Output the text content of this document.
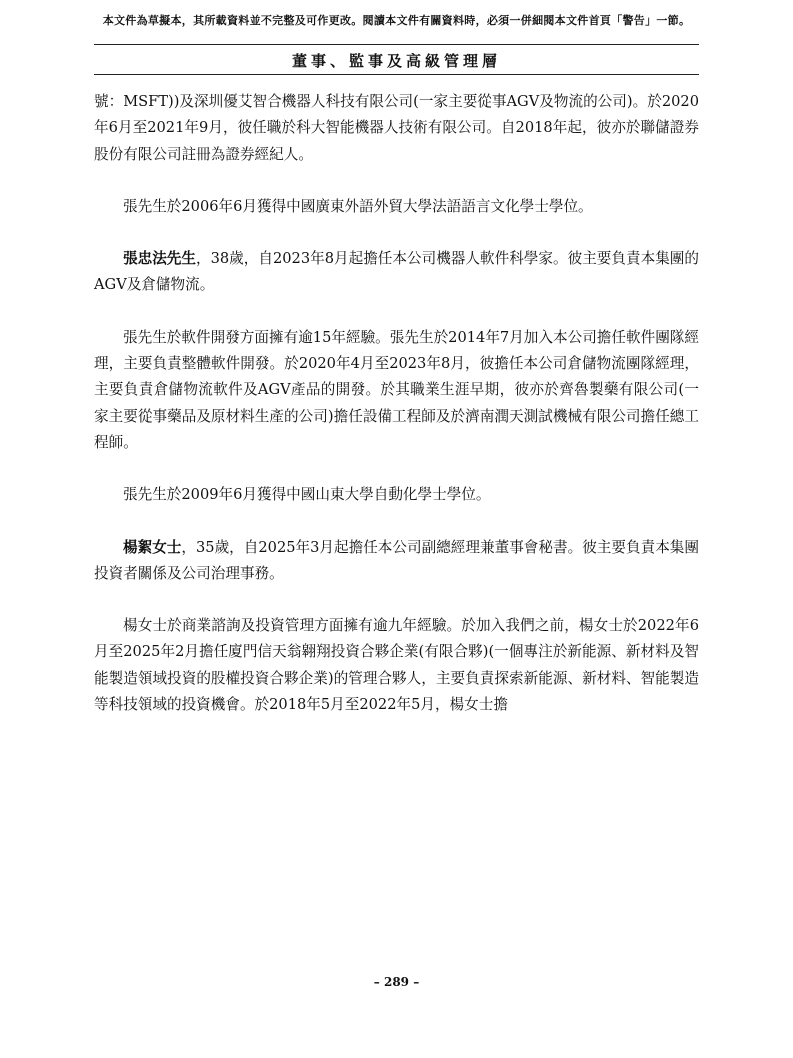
本文件為草擬本，其所載資料並不完整及可作更改。閱讀本文件有關資料時，必須一併細閱本文件首頁「警告」一節。
董事、監事及高級管理層

號：MSFT))及深圳優艾智合機器人科技有限公司(一家主要從事AGV及物流的公司)。於2020年6月至2021年9月，彼任職於科大智能機器人技術有限公司。自2018年起，彼亦於聯儲證券股份有限公司註冊為證券經紀人。

張先生於2006年6月獲得中國廣東外語外貿大學法語語言文化學士學位。

張忠法先生，38歲，自2023年8月起擔任本公司機器人軟件科學家。彼主要負責本集團的AGV及倉儲物流。

張先生於軟件開發方面擁有逾15年經驗。張先生於2014年7月加入本公司擔任軟件團隊經理，主要負責整體軟件開發。於2020年4月至2023年8月，彼擔任本公司倉儲物流團隊經理，主要負責倉儲物流軟件及AGV產品的開發。於其職業生涯早期，彼亦於齊魯製藥有限公司(一家主要從事藥品及原材料生產的公司)擔任設備工程師及於濟南潤天測試機械有限公司擔任總工程師。

張先生於2009年6月獲得中國山東大學自動化學士學位。

楊絮女士，35歲，自2025年3月起擔任本公司副總經理兼董事會秘書。彼主要負責本集團投資者關係及公司治理事務。

楊女士於商業諮詢及投資管理方面擁有逾九年經驗。於加入我們之前，楊女士於2022年6月至2025年2月擔任廈門信天翁翱翔投資合夥企業(有限合夥)(一個專注於新能源、新材料及智能製造領域投資的股權投資合夥企業)的管理合夥人，主要負責探索新能源、新材料、智能製造等科技領域的投資機會。於2018年5月至2022年5月，楊女士擔

– 289 –
